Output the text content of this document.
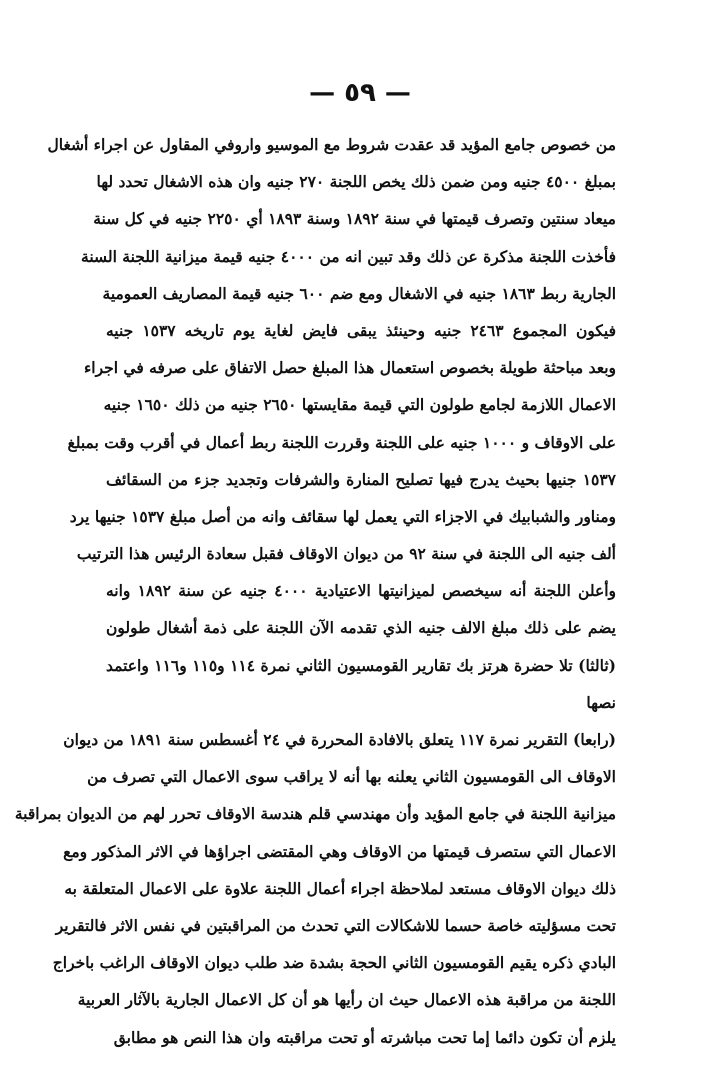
— ٥٩ —
من خصوص جامع المؤيد قد عقدت شروط مع الموسيو واروفي المقاول عن اجراء أشغال
بمبلغ ٤٥٠٠ جنيه ومن ضمن ذلك يخص اللجنة ٢٧٠ جنيه وان هذه الاشغال تحدد لها
ميعاد سنتين وتصرف قيمتها في سنة ١٨٩٢ وسنة ١٨٩٣ أي ٢٢٥٠ جنيه في كل سنة
فأخذت اللجنة مذكرة عن ذلك وقد تبين انه من ٤٠٠٠ جنيه قيمة ميزانية اللجنة السنة
الجارية ربط ١٨٦٣ جنيه في الاشغال ومع ضم ٦٠٠ جنيه قيمة المصاريف العمومية
فيكون المجموع ٢٤٦٣ جنيه وحينئذ يبقى فايض لغاية يوم تاريخه ١٥٣٧ جنيه
وبعد مباحثة طويلة بخصوص استعمال هذا المبلغ حصل الاتفاق على صرفه في اجراء
الاعمال اللازمة لجامع طولون التي قيمة مقايستها ٢٦٥٠ جنيه من ذلك ١٦٥٠ جنيه
على الاوقاف و ١٠٠٠ جنيه على اللجنة وقررت اللجنة ربط أعمال في أقرب وقت بمبلغ
١٥٣٧ جنيها بحيث يدرج فيها تصليح المنارة والشرفات وتجديد جزء من السقائف
ومناور والشبابيك في الاجزاء التي يعمل لها سقائف وانه من أصل مبلغ ١٥٣٧ جنيها يرد
ألف جنيه الى اللجنة في سنة ٩٢ من ديوان الاوقاف فقبل سعادة الرئيس هذا الترتيب
وأعلن اللجنة أنه سيخصص لميزانيتها الاعتيادية ٤٠٠٠ جنيه عن سنة ١٨٩٢ وانه
يضم على ذلك مبلغ الالف جنيه الذي تقدمه الآن اللجنة على ذمة أشغال طولون
(ثالثا) تلا حضرة هرتز بك تقارير القومسيون الثاني نمرة ١١٤ و١١٥ و١١٦ واعتمد
نصها
(رابعا) التقرير نمرة ١١٧ يتعلق بالافادة المحررة في ٢٤ أغسطس سنة ١٨٩١ من ديوان
الاوقاف الى القومسيون الثاني يعلنه بها أنه لا يراقب سوى الاعمال التي تصرف من
ميزانية اللجنة في جامع المؤيد وأن مهندسي قلم هندسة الاوقاف تحرر لهم من الديوان بمراقبة
الاعمال التي ستصرف قيمتها من الاوقاف وهي المقتضى اجراؤها في الاثر المذكور ومع
ذلك ديوان الاوقاف مستعد لملاحظة اجراء أعمال اللجنة علاوة على الاعمال المتعلقة به
تحت مسؤليته خاصة حسما للاشكالات التي تحدث من المراقبتين في نفس الاثر فالتقرير
البادي ذكره يقيم القومسيون الثاني الحجة بشدة ضد طلب ديوان الاوقاف الراغب باخراج
اللجنة من مراقبة هذه الاعمال حيث ان رأيها هو أن كل الاعمال الجارية بالآثار العربية
يلزم أن تكون دائما إما تحت مباشرته أو تحت مراقبته وان هذا النص هو مطابق
